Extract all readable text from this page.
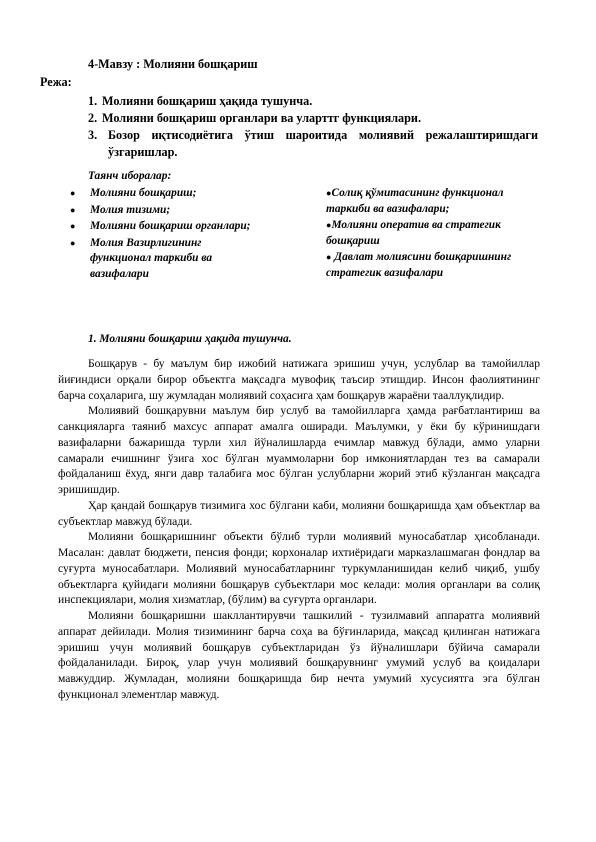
4-Мавзу : Молияни бошқариш
Режа:
1. Молияни бошқариш ҳақида тушунча.
2. Молияни бошқариш органлари ва уларттг функциялари.
3. Бозор иқтисодиётига ўтиш шароитида молиявий режалаштиришдаги ўзгаришлар.
Таянч иборалар:
●	Молияни бошқариш;
●	Молия тизими;
●	Молияни бошқариш органлари;
●	Молия Вазирлигининг функционал таркиби ва вазифалари
●Солиқ қўмитасининг функционал таркиби ва вазифалари;
●Молияни оператив ва стратегик бошқариш
● Давлат молиясини бошқаришнинг стратегик вазифалари
1. Молияни бошқариш ҳақида тушунча.

Бошқарув - бу маълум бир ижобий натижага эришиш учун, услублар ва тамойиллар йиғиндиси орқали бирор объектга мақсадга мувофиқ таъсир этишдир. Инсон фаолиятининг барча соҳаларига, шу жумладан молиявий соҳасига ҳам бошқарув жараёни тааллуқлидир.

Молиявий бошқарувни маълум бир услуб ва тамойилларга ҳамда рағбатлантириш ва санкцияларга таяниб махсус аппарат амалга оширади. Маълумки, у ёки бу кўринишдаги вазифаларни бажаришда турли хил йўналишларда ечимлар мавжуд бўлади, аммо уларни самарали ечишнинг ўзига хос бўлган муаммоларни бор имкониятлардан тез ва самарали фойдаланиш ёхуд, янги давр талабига мос бўлган услубларни жорий этиб кўзланган мақсадга эришишдир.

Ҳар қандай бошқарув тизимига хос бўлгани каби, молияни бошқаришда ҳам объектлар ва субъектлар мавжуд бўлади.

Молияни бошқаришнинг объекти бўлиб турли молиявий муносабатлар ҳисобланади. Масалан: давлат бюджети, пенсия фонди; корхоналар ихтиёридаги марказлашмаган фондлар ва суғурта муносабатлари. Молиявий муносабатларнинг туркумланишидан келиб чиқиб, ушбу объектларга қуйидаги молияни бошқарув субъектлари мос келади: молия органлари ва солиқ инспекциялари, молия хизматлар, (бўлим) ва суғурта органлари.

Молияни бошқаришни шакллантирувчи ташкилий - тузилмавий аппаратга молиявий аппарат дейилади. Молия тизимининг барча соҳа ва бўғинларида, мақсад қилинган натижага эришиш учун молиявий бошқарув субъектларидан ўз йўналишлари бўйича самарали фойдаланилади. Бироқ, улар учун молиявий бошқарувнинг умумий услуб ва қоидалари мавжуддир. Жумладан, молияни бошқаришда бир нечта умумий хусусиятга эга бўлган функционал элементлар мавжуд.
